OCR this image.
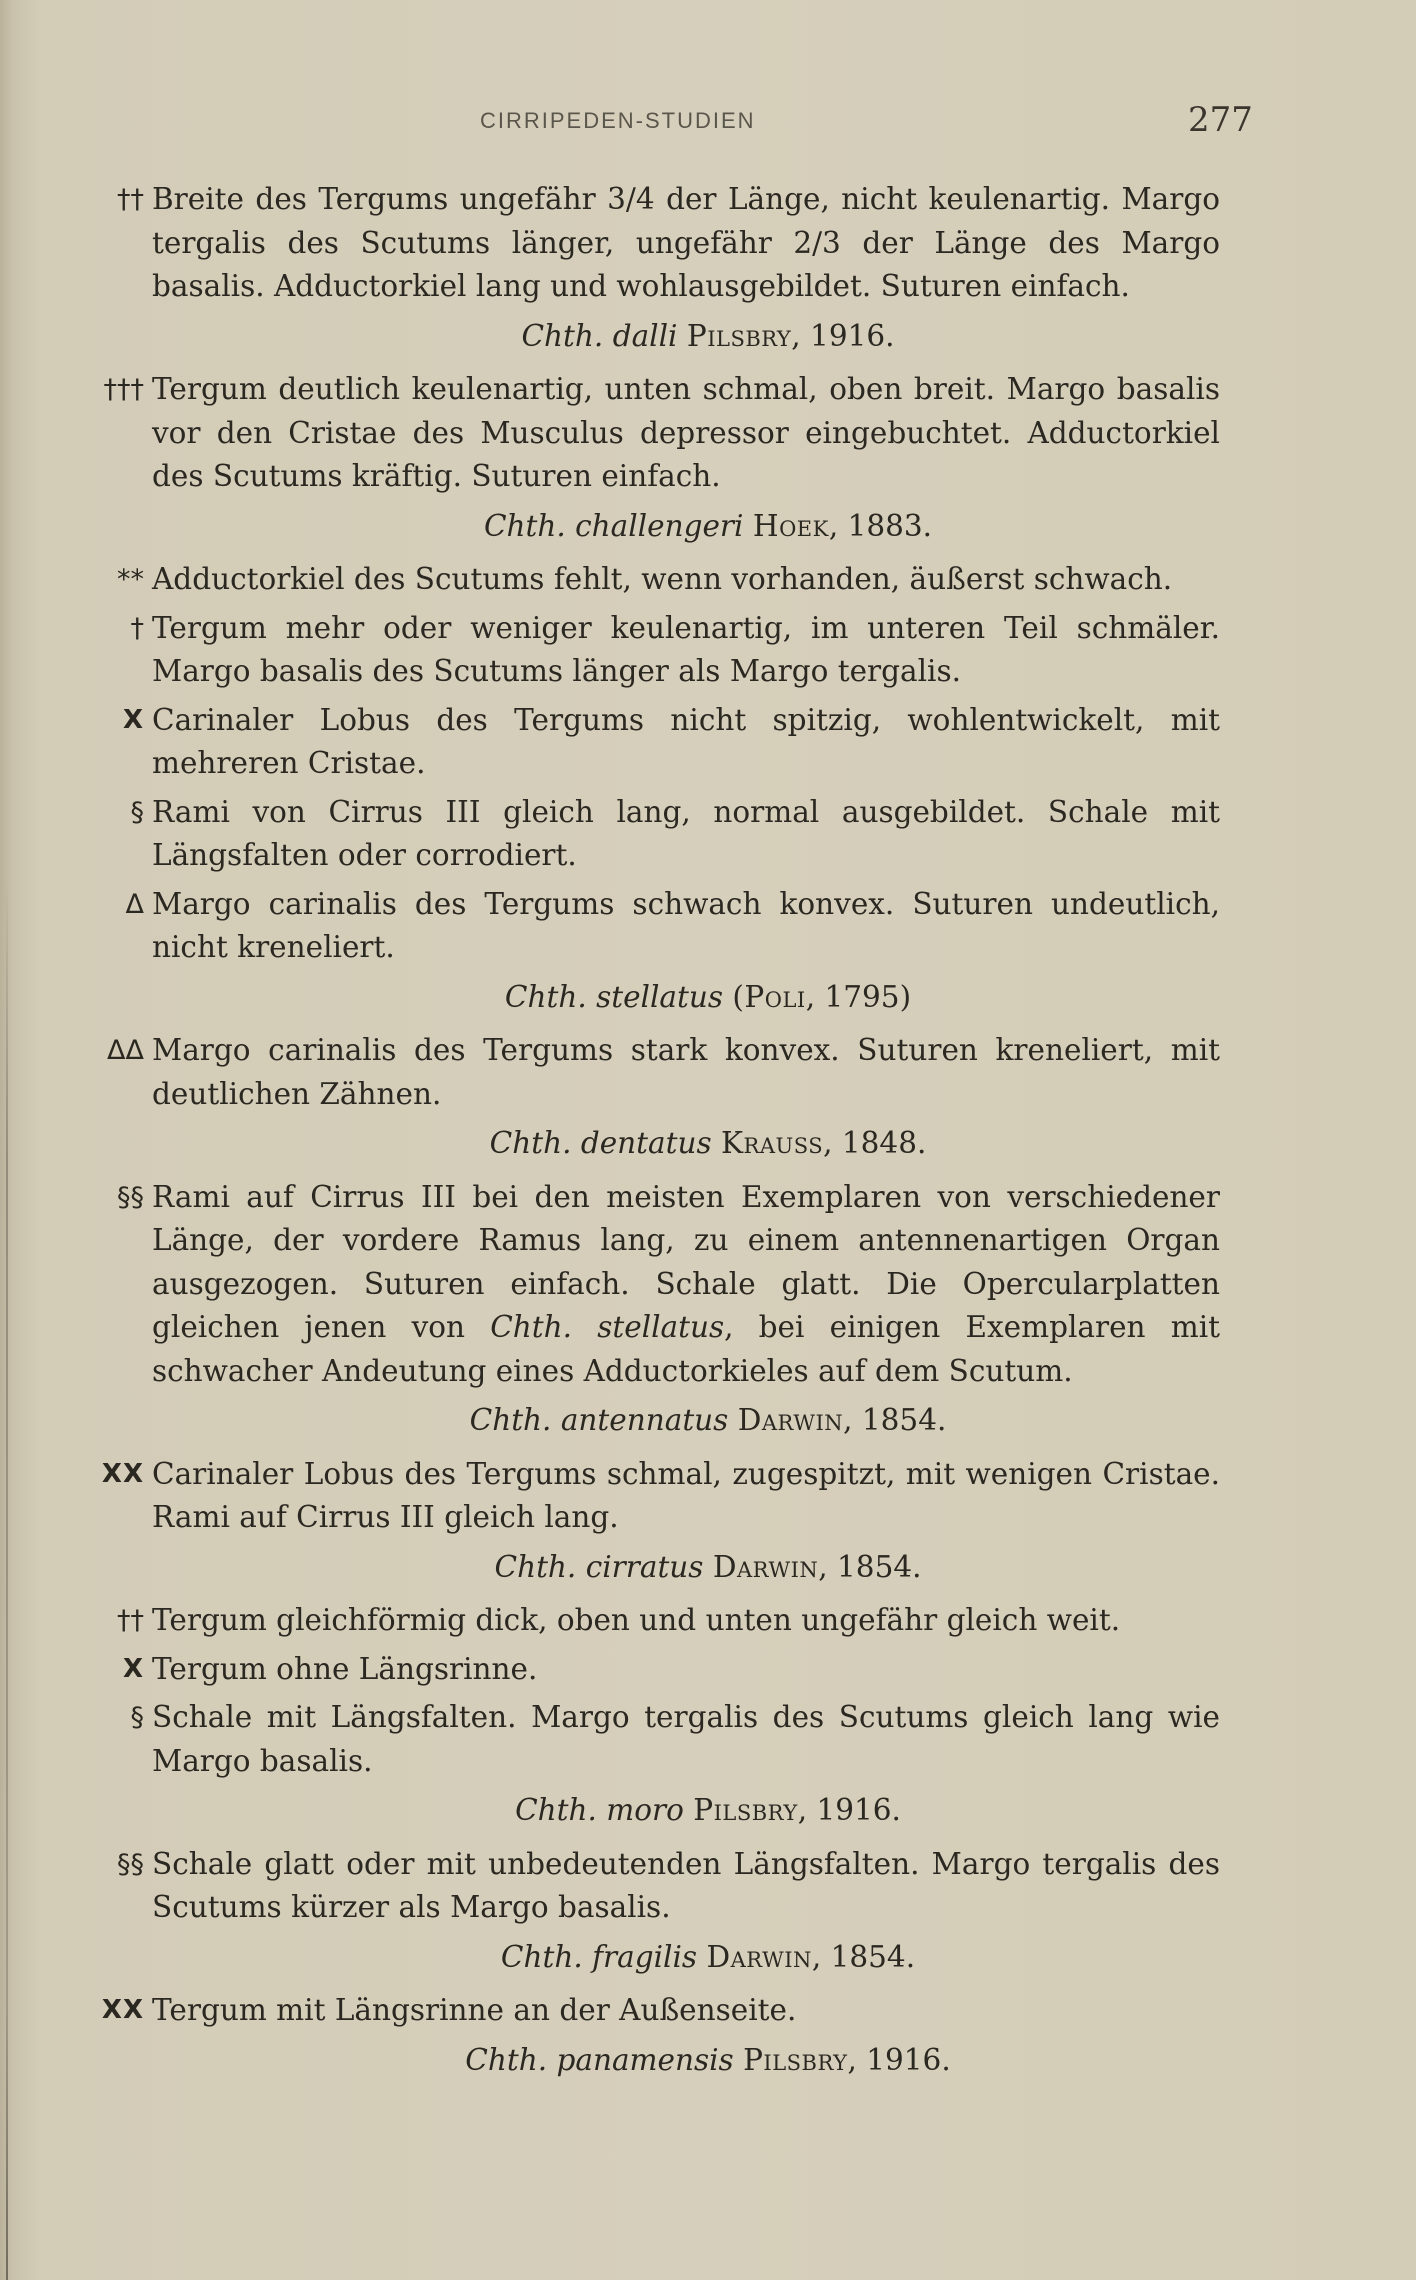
CIRRIPEDEN-STUDIEN	277
†† Breite des Tergums ungefähr 3/4 der Länge, nicht keulenartig. Margo tergalis des Scutums länger, ungefähr 2/3 der Länge des Margo basalis. Adductorkiel lang und wohlausgebildet. Suturen einfach.
Chth. dalli Pilsbry, 1916.
††† Tergum deutlich keulenartig, unten schmal, oben breit. Margo basalis vor den Cristae des Musculus depressor eingebuchtet. Adductorkiel des Scutums kräftig. Suturen einfach.
Chth. challengeri Hoek, 1883.
** Adductorkiel des Scutums fehlt, wenn vorhanden, äußerst schwach.
† Tergum mehr oder weniger keulenartig, im unteren Teil schmäler. Margo basalis des Scutums länger als Margo tergalis.
X Carinaler Lobus des Tergums nicht spitzig, wohlentwickelt, mit mehreren Cristae.
§ Rami von Cirrus III gleich lang, normal ausgebildet. Schale mit Längsfalten oder corrodiert.
Δ Margo carinalis des Tergums schwach konvex. Suturen undeutlich, nicht kreneliert.
Chth. stellatus (Poli, 1795)
ΔΔ Margo carinalis des Tergums stark konvex. Suturen kreneliert, mit deutlichen Zähnen.
Chth. dentatus Krauss, 1848.
§§ Rami auf Cirrus III bei den meisten Exemplaren von verschiedener Länge, der vordere Ramus lang, zu einem antennenartigen Organ ausgezogen. Suturen einfach. Schale glatt. Die Opercularplatten gleichen jenen von Chth. stellatus, bei einigen Exemplaren mit schwacher Andeutung eines Adductorkieles auf dem Scutum.
Chth. antennatus Darwin, 1854.
XX Carinaler Lobus des Tergums schmal, zugespitzt, mit wenigen Cristae. Rami auf Cirrus III gleich lang.
Chth. cirratus Darwin, 1854.
†† Tergum gleichförmig dick, oben und unten ungefähr gleich weit.
X Tergum ohne Längsrinne.
§ Schale mit Längsfalten. Margo tergalis des Scutums gleich lang wie Margo basalis.
Chth. moro Pilsbry, 1916.
§§ Schale glatt oder mit unbedeutenden Längsfalten. Margo tergalis des Scutums kürzer als Margo basalis.
Chth. fragilis Darwin, 1854.
XX Tergum mit Längsrinne an der Außenseite.
Chth. panamensis Pilsbry, 1916.
